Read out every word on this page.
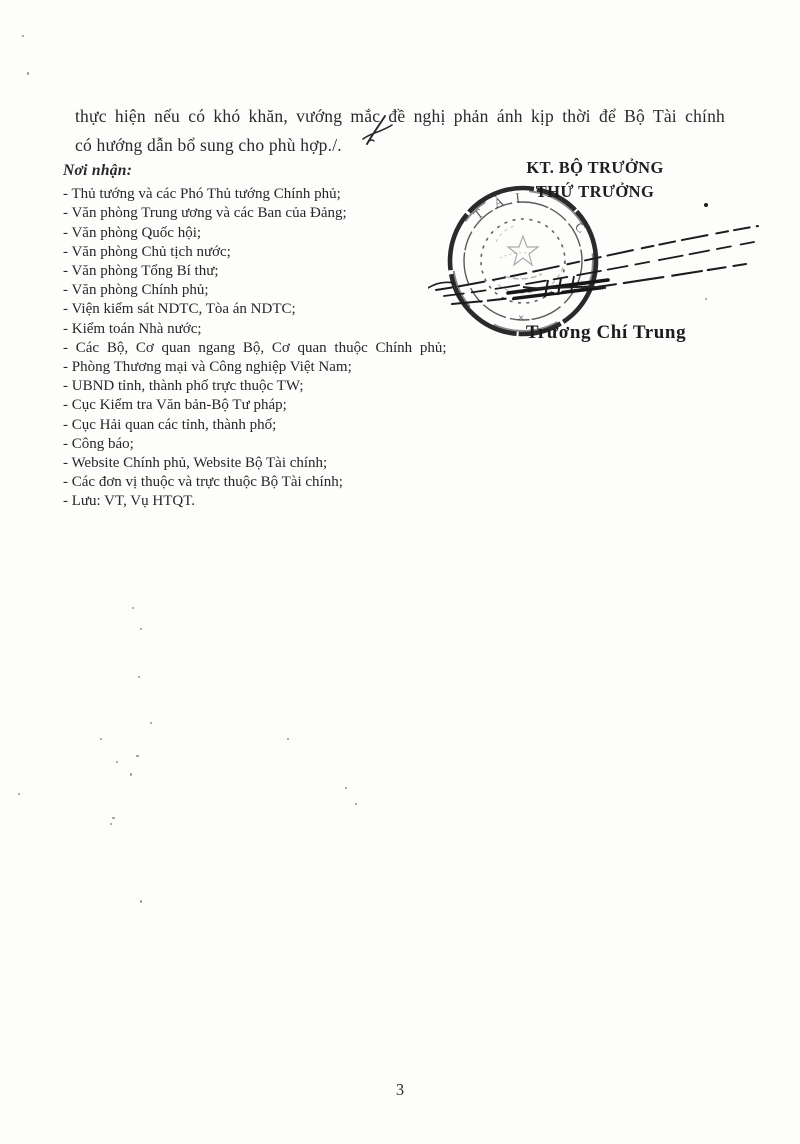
thực hiện nếu có khó khăn, vướng mắc đề nghị phản ánh kịp thời để Bộ Tài chính
có hướng dẫn bổ sung cho phù hợp./.

Nơi nhận:
- Thủ tướng và các Phó Thủ tướng Chính phủ;
- Văn phòng Trung ương và các Ban của Đảng;
- Văn phòng Quốc hội;
- Văn phòng Chủ tịch nước;
- Văn phòng Tổng Bí thư;
- Văn phòng Chính phủ;
- Viện kiểm sát NDTC, Tòa án NDTC;
- Kiểm toán Nhà nước;
- Các Bộ, Cơ quan ngang Bộ, Cơ quan thuộc Chính phủ;
- Phòng Thương mại và Công nghiệp Việt Nam;
- UBND tỉnh, thành phố trực thuộc TW;
- Cục Kiểm tra Văn bản-Bộ Tư pháp;
- Cục Hải quan các tỉnh, thành phố;
- Công báo;
- Website Chính phủ, Website Bộ Tài chính;
- Các đơn vị thuộc và trực thuộc Bộ Tài chính;
- Lưu: VT, Vụ HTQT.
KT. BỘ TRƯỞNG
THỨ TRƯỞNG
T
À I
C
H
×
Trương Chí Trung
3
